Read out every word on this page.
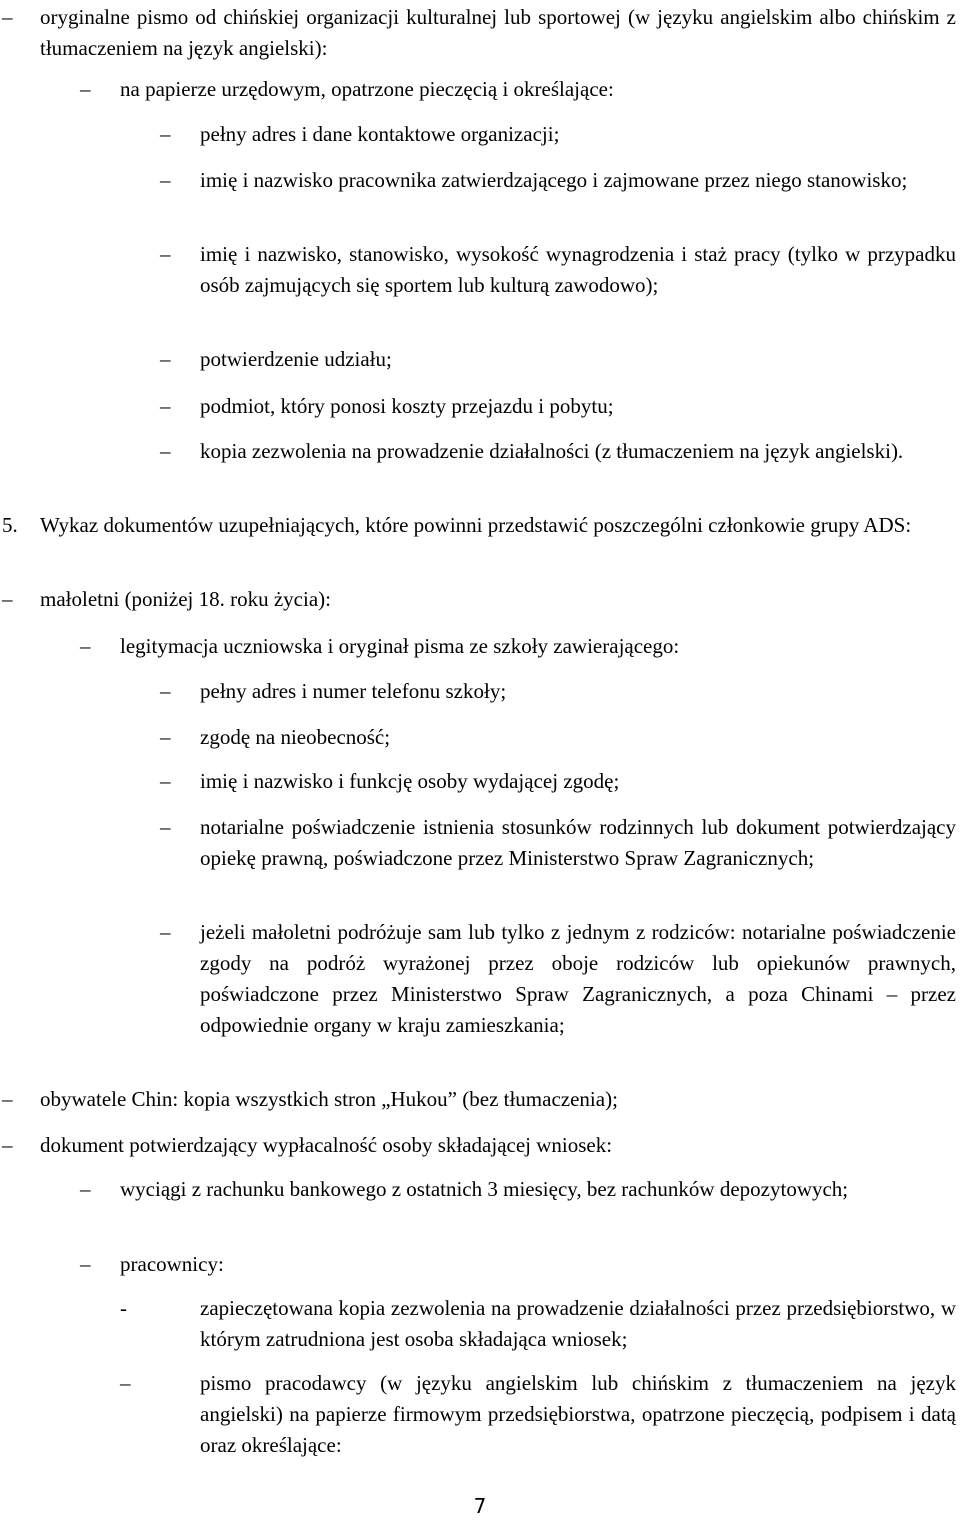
– oryginalne pismo od chińskiej organizacji kulturalnej lub sportowej (w języku angielskim albo chińskim z tłumaczeniem na język angielski):
– na papierze urzędowym, opatrzone pieczęcią i określające:
– pełny adres i dane kontaktowe organizacji;
– imię i nazwisko pracownika zatwierdzającego i zajmowane przez niego stanowisko;
– imię i nazwisko, stanowisko, wysokość wynagrodzenia i staż pracy (tylko w przypadku osób zajmujących się sportem lub kulturą zawodowo);
– potwierdzenie udziału;
– podmiot, który ponosi koszty przejazdu i pobytu;
– kopia zezwolenia na prowadzenie działalności (z tłumaczeniem na język angielski).
5. Wykaz dokumentów uzupełniających, które powinni przedstawić poszczególni członkowie grupy ADS:
– małoletni (poniżej 18. roku życia):
– legitymacja uczniowska i oryginał pisma ze szkoły zawierającego:
– pełny adres i numer telefonu szkoły;
– zgodę na nieobecność;
– imię i nazwisko i funkcję osoby wydającej zgodę;
– notarialne poświadczenie istnienia stosunków rodzinnych lub dokument potwierdzający opiekę prawną, poświadczone przez Ministerstwo Spraw Zagranicznych;
– jeżeli małoletni podróżuje sam lub tylko z jednym z rodziców: notarialne poświadczenie zgody na podróż wyrażonej przez oboje rodziców lub opiekunów prawnych, poświadczone przez Ministerstwo Spraw Zagranicznych, a poza Chinami – przez odpowiednie organy w kraju zamieszkania;
– obywatele Chin: kopia wszystkich stron „Hukou” (bez tłumaczenia);
– dokument potwierdzający wypłacalność osoby składającej wniosek:
– wyciągi z rachunku bankowego z ostatnich 3 miesięcy, bez rachunków depozytowych;
– pracownicy:
-	zapieczętowana kopia zezwolenia na prowadzenie działalności przez przedsiębiorstwo, w którym zatrudniona jest osoba składająca wniosek;
–	pismo pracodawcy (w języku angielskim lub chińskim z tłumaczeniem na język angielski) na papierze firmowym przedsiębiorstwa, opatrzone pieczęcią, podpisem i datą oraz określające:
7
